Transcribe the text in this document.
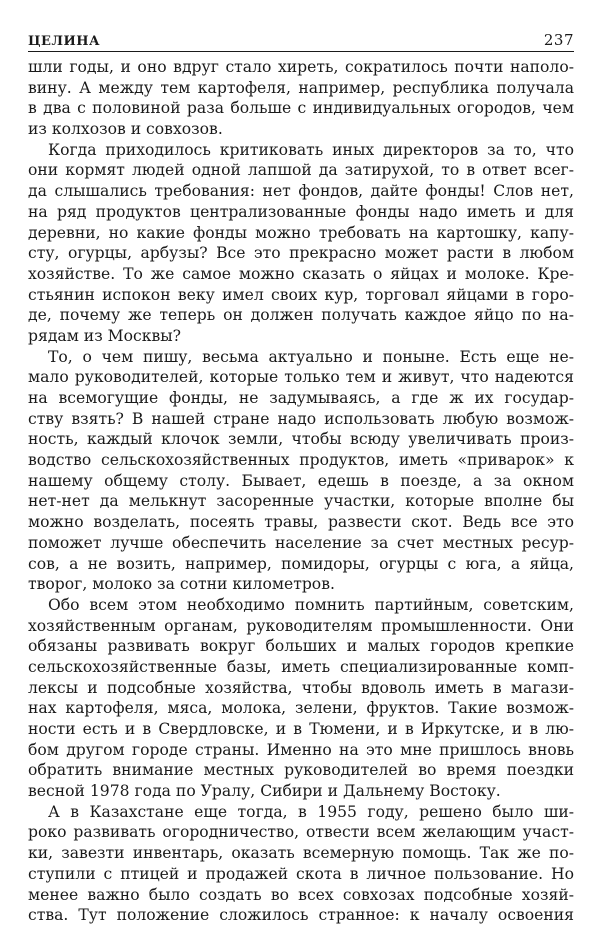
ЦЕЛИНА	237
шли годы, и оно вдруг стало хиреть, сократилось почти наполо-
вину. А между тем картофеля, например, республика получала
в два с половиной раза больше с индивидуальных огородов, чем
из колхозов и совхозов.
Когда приходилось критиковать иных директоров за то, что
они кормят людей одной лапшой да затирухой, то в ответ всег-
да слышались требования: нет фондов, дайте фонды! Слов нет,
на ряд продуктов централизованные фонды надо иметь и для
деревни, но какие фонды можно требовать на картошку, капу-
сту, огурцы, арбузы? Все это прекрасно может расти в любом
хозяйстве. То же самое можно сказать о яйцах и молоке. Кре-
стьянин испокон веку имел своих кур, торговал яйцами в горо-
де, почему же теперь он должен получать каждое яйцо по на-
рядам из Москвы?
То, о чем пишу, весьма актуально и поныне. Есть еще не-
мало руководителей, которые только тем и живут, что надеются
на всемогущие фонды, не задумываясь, а где ж их государ-
ству взять? В нашей стране надо использовать любую возмож-
ность, каждый клочок земли, чтобы всюду увеличивать произ-
водство сельскохозяйственных продуктов, иметь «приварок» к
нашему общему столу. Бывает, едешь в поезде, а за окном
нет-нет да мелькнут засоренные участки, которые вполне бы
можно возделать, посеять травы, развести скот. Ведь все это
поможет лучше обеспечить население за счет местных ресур-
сов, а не возить, например, помидоры, огурцы с юга, а яйца,
творог, молоко за сотни километров.
Обо всем этом необходимо помнить партийным, советским,
хозяйственным органам, руководителям промышленности. Они
обязаны развивать вокруг больших и малых городов крепкие
сельскохозяйственные базы, иметь специализированные комп-
лексы и подсобные хозяйства, чтобы вдоволь иметь в магази-
нах картофеля, мяса, молока, зелени, фруктов. Такие возмож-
ности есть и в Свердловске, и в Тюмени, и в Иркутске, и в лю-
бом другом городе страны. Именно на это мне пришлось вновь
обратить внимание местных руководителей во время поездки
весной 1978 года по Уралу, Сибири и Дальнему Востоку.
А в Казахстане еще тогда, в 1955 году, решено было ши-
роко развивать огородничество, отвести всем желающим участ-
ки, завезти инвентарь, оказать всемерную помощь. Так же по-
ступили с птицей и продажей скота в личное пользование. Но
менее важно было создать во всех совхозах подсобные хозяй-
ства. Тут положение сложилось странное: к началу освоения
